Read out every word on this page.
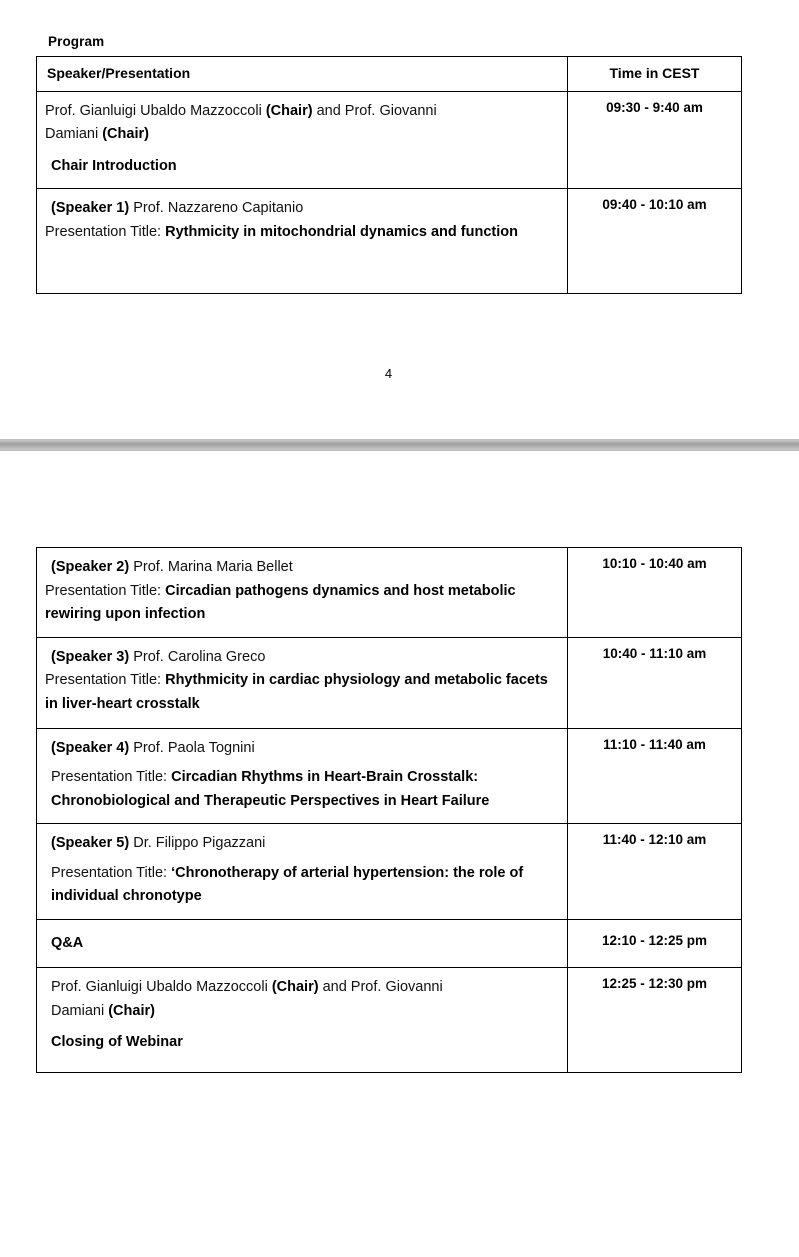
Program
Speaker/Presentation	Time in CEST

Prof. Gianluigi Ubaldo Mazzoccoli (Chair) and Prof. Giovanni
Damiani (Chair)
Chair Introduction	09:30 - 9:40 am

(Speaker 1) Prof. Nazzareno Capitanio
Presentation Title: Rythmicity in mitochondrial dynamics and function	09:40 - 10:10 am
4
(Speaker 2) Prof. Marina Maria Bellet
Presentation Title: Circadian pathogens dynamics and host metabolic rewiring upon infection	10:10 - 10:40 am

(Speaker 3) Prof. Carolina Greco
Presentation Title: Rhythmicity in cardiac physiology and metabolic facets in liver-heart crosstalk	10:40 - 11:10 am

(Speaker 4) Prof. Paola Tognini
Presentation Title: Circadian Rhythms in Heart-Brain Crosstalk: Chronobiological and Therapeutic Perspectives in Heart Failure	11:10 - 11:40 am

(Speaker 5) Dr. Filippo Pigazzani
Presentation Title: ‘Chronotherapy of arterial hypertension: the role of individual chronotype	11:40 - 12:10 am

Q&A	12:10 - 12:25 pm

Prof. Gianluigi Ubaldo Mazzoccoli (Chair) and Prof. Giovanni
Damiani (Chair)
Closing of Webinar	12:25 - 12:30 pm
